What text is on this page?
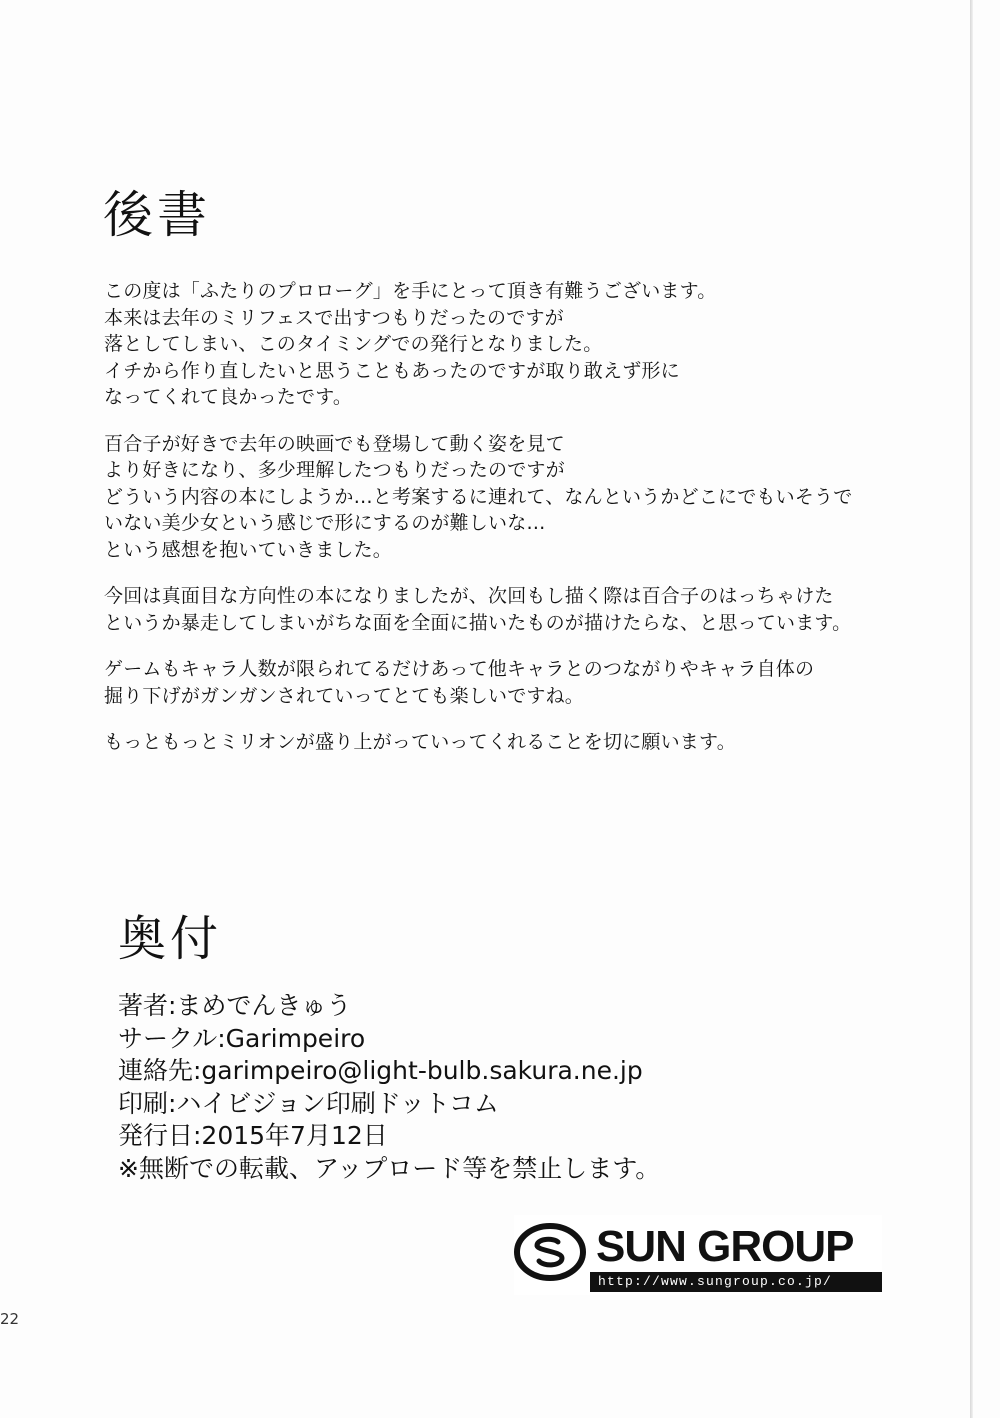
後書

この度は「ふたりのプロローグ」を手にとって頂き有難うございます。
本来は去年のミリフェスで出すつもりだったのですが
落としてしまい、このタイミングでの発行となりました。
イチから作り直したいと思うこともあったのですが取り敢えず形に
なってくれて良かったです。

百合子が好きで去年の映画でも登場して動く姿を見て
より好きになり、多少理解したつもりだったのですが
どういう内容の本にしようか…と考案するに連れて、なんというかどこにでもいそうで
いない美少女という感じで形にするのが難しいな…
という感想を抱いていきました。

今回は真面目な方向性の本になりましたが、次回もし描く際は百合子のはっちゃけた
というか暴走してしまいがちな面を全面に描いたものが描けたらな、と思っています。

ゲームもキャラ人数が限られてるだけあって他キャラとのつながりやキャラ自体の
掘り下げがガンガンされていってとても楽しいですね。

もっともっとミリオンが盛り上がっていってくれることを切に願います。

奥付
著者:まめでんきゅう
サークル:Garimpeiro
連絡先:garimpeiro@light-bulb.sakura.ne.jp
印刷:ハイビジョン印刷ドットコム
発行日:2015年7月12日
※無断での転載、アップロード等を禁止します。
SUN GROUP
http://www.sungroup.co.jp/
22
